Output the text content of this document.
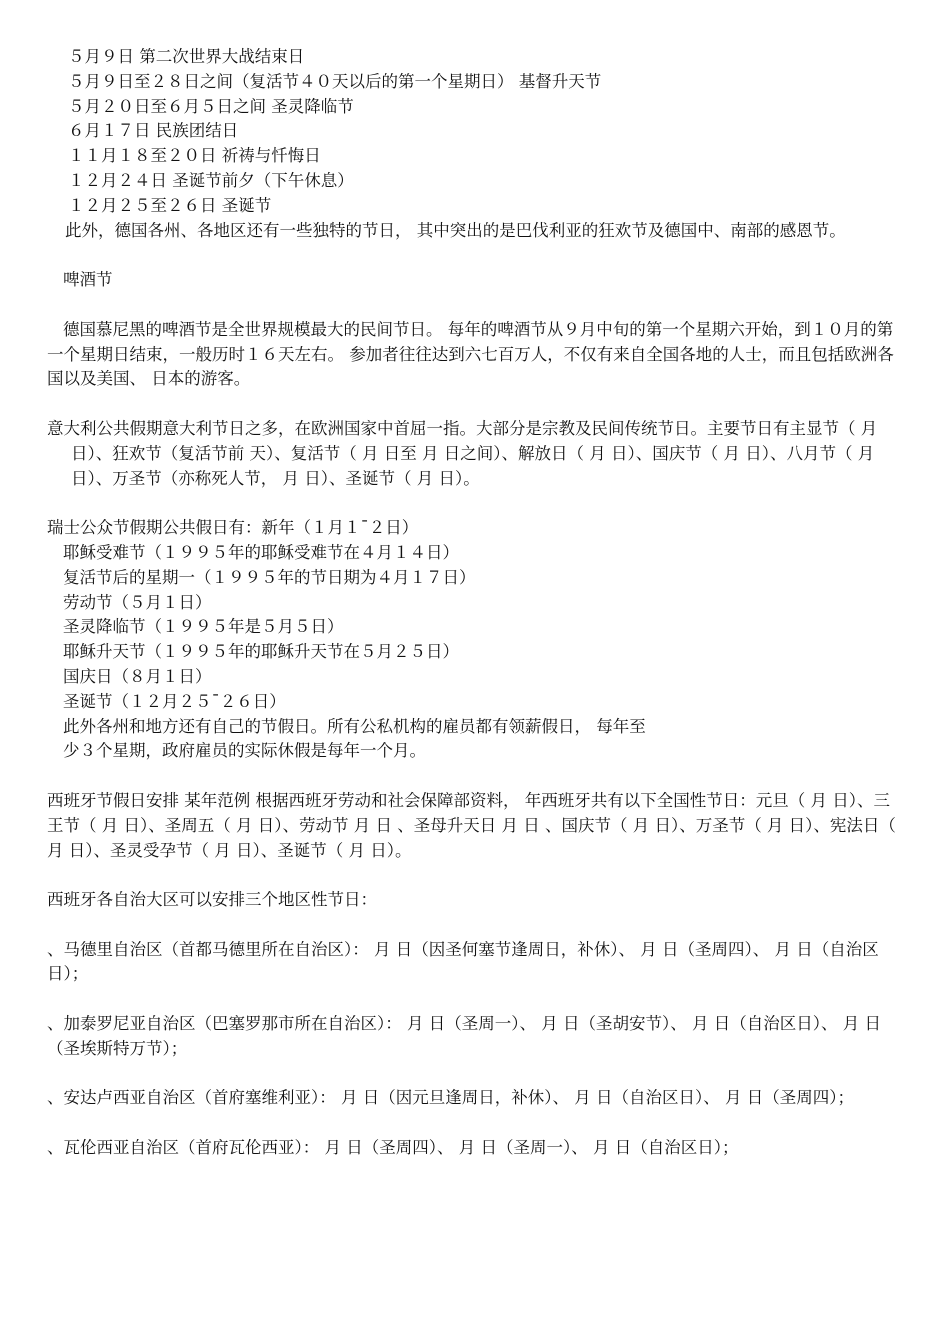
５月９日 第二次世界大战结束日

５月９日至２８日之间（复活节４０天以后的第一个星期日） 基督升天节

５月２０日至６月５日之间 圣灵降临节

６月１７日 民族团结日

１１月１８至２０日 祈祷与忏悔日

１２月２４日 圣诞节前夕（下午休息）

１２月２５至２６日 圣诞节

此外，德国各州、各地区还有一些独特的节日， 其中突出的是巴伐利亚的狂欢节及德国中、南部的感恩节。

啤酒节

德国慕尼黑的啤酒节是全世界规模最大的民间节日。 每年的啤酒节从９月中旬的第一个星期六开始，到１０月的第一个星期日结束，一般历时１６天左右。 参加者往往达到六七百万人，不仅有来自全国各地的人士，而且包括欧洲各国以及美国、 日本的游客。

意大利公共假期意大利节日之多，在欧洲国家中首屈一指。大部分是宗教及民间传统节日。主要节日有主显节（ 月 日）、狂欢节（复活节前 天）、复活节（ 月 日至 月 日之间）、解放日（ 月 日）、国庆节（ 月 日）、八月节（ 月 日）、万圣节（亦称死人节， 月 日）、圣诞节（ 月 日）。

瑞士公众节假期公共假日有：新年（１月１¯２日）

耶稣受难节（１９９５年的耶稣受难节在４月１４日）

复活节后的星期一（１９９５年的节日期为４月１７日）

劳动节（５月１日）

圣灵降临节（１９９５年是５月５日）

耶稣升天节（１９９５年的耶稣升天节在５月２５日）

国庆日（８月１日）

圣诞节（１２月２５¯２６日）

此外各州和地方还有自己的节假日。所有公私机构的雇员都有领薪假日， 每年至

少３个星期，政府雇员的实际休假是每年一个月。

西班牙节假日安排 某年范例 根据西班牙劳动和社会保障部资料， 年西班牙共有以下全国性节日：元旦（ 月 日）、三王节（ 月 日）、圣周五（ 月 日）、劳动节 月 日 、圣母升天日 月 日 、国庆节（ 月 日）、万圣节（ 月 日）、宪法日（ 月 日）、圣灵受孕节（ 月 日）、圣诞节（ 月 日）。

西班牙各自治大区可以安排三个地区性节日：

、马德里自治区（首都马德里所在自治区）： 月 日（因圣何塞节逢周日，补休）、 月 日（圣周四）、 月 日（自治区日）；

、加泰罗尼亚自治区（巴塞罗那市所在自治区）： 月 日（圣周一）、 月 日（圣胡安节）、 月 日（自治区日）、 月 日（圣埃斯特万节）；

、安达卢西亚自治区（首府塞维利亚）： 月 日（因元旦逢周日，补休）、 月 日（自治区日）、 月 日（圣周四）；

、瓦伦西亚自治区（首府瓦伦西亚）： 月 日（圣周四）、 月 日（圣周一）、 月 日（自治区日）；
